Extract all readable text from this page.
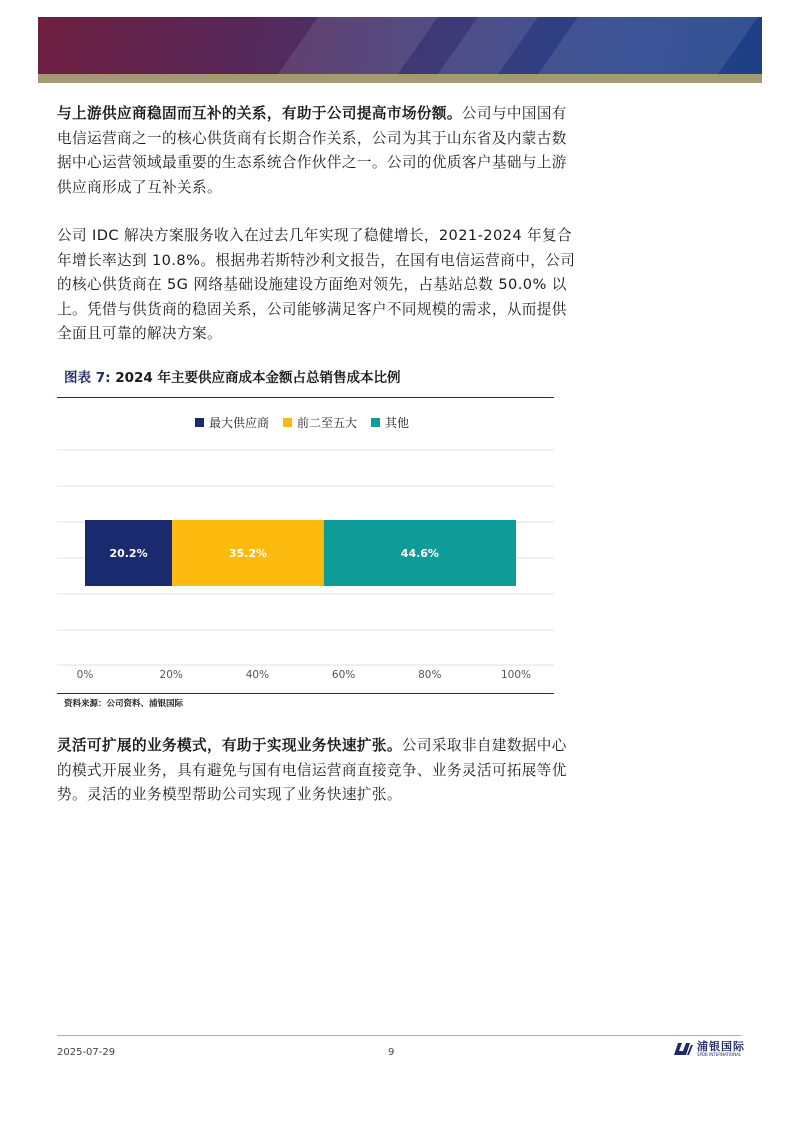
与上游供应商稳固而互补的关系，有助于公司提高市场份额。公司与中国国有电信运营商之一的核心供货商有长期合作关系，公司为其于山东省及内蒙古数据中心运营领域最重要的生态系统合作伙伴之一。公司的优质客户基础与上游供应商形成了互补关系。

公司 IDC 解决方案服务收入在过去几年实现了稳健增长，2021-2024 年复合年增长率达到 10.8%。根据弗若斯特沙利文报告，在国有电信运营商中，公司的核心供货商在 5G 网络基础设施建设方面绝对领先，占基站总数 50.0% 以上。凭借与供货商的稳固关系，公司能够满足客户不同规模的需求，从而提供全面且可靠的解决方案。

图表 7: 2024 年主要供应商成本金额占总销售成本比例
最大供应商 前二至五大 其他
20.2%	35.2%	44.6%
0%	20%	40%	60%	80%	100%
资料来源：公司资料、浦银国际

灵活可扩展的业务模式，有助于实现业务快速扩张。公司采取非自建数据中心的模式开展业务，具有避免与国有电信运营商直接竞争、业务灵活可拓展等优势。灵活的业务模型帮助公司实现了业务快速扩张。

2025-07-29	9	浦银国际
SPDB INTERNATIONAL
